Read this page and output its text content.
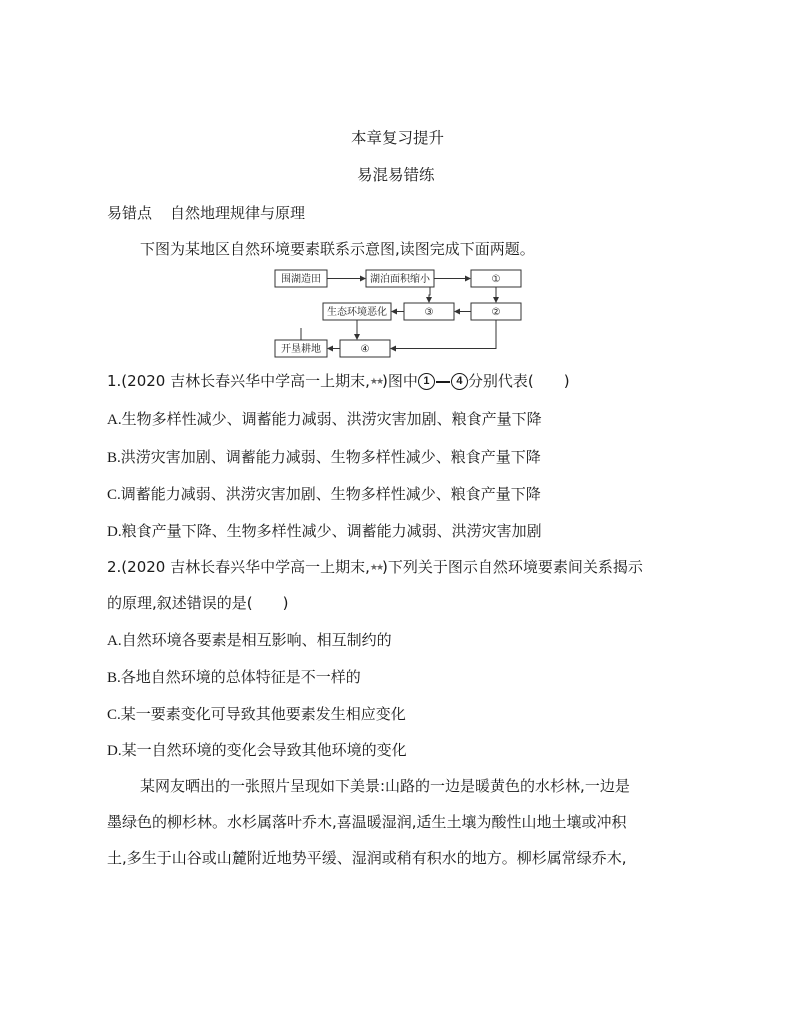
本章复习提升
易混易错练
易错点 自然地理规律与原理
下图为某地区自然环境要素联系示意图,读图完成下面两题。
围湖造田	湖泊面积缩小	①
生态环境恶化	③	②
开垦耕地	④
1.(2020 吉林长春兴华中学高一上期末,★★)图中 1 4 分别代表(　　)
A.生物多样性减少、调蓄能力减弱、洪涝灾害加剧、粮食产量下降
B.洪涝灾害加剧、调蓄能力减弱、生物多样性减少、粮食产量下降
C.调蓄能力减弱、洪涝灾害加剧、生物多样性减少、粮食产量下降
D.粮食产量下降、生物多样性减少、调蓄能力减弱、洪涝灾害加剧
2.(2020 吉林长春兴华中学高一上期末,★★)下列关于图示自然环境要素间关系揭示
的原理,叙述错误的是(　　)
A.自然环境各要素是相互影响、相互制约的
B.各地自然环境的总体特征是不一样的
C.某一要素变化可导致其他要素发生相应变化
D.某一自然环境的变化会导致其他环境的变化
某网友晒出的一张照片呈现如下美景:山路的一边是暖黄色的水杉林,一边是
墨绿色的柳杉林。水杉属落叶乔木,喜温暖湿润,适生土壤为酸性山地土壤或冲积
土,多生于山谷或山麓附近地势平缓、湿润或稍有积水的地方。柳杉属常绿乔木,
